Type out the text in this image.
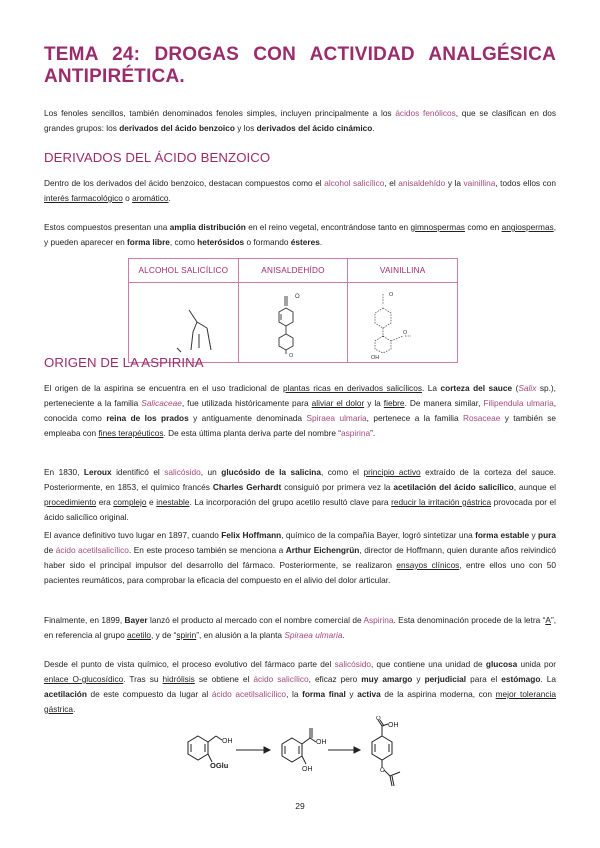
TEMA 24: DROGAS CON ACTIVIDAD ANALGÉSICA
ANTIPIRÉTICA.

Los fenoles sencillos, también denominados fenoles simples, incluyen principalmente a los ácidos fenólicos, que se clasifican en dos grandes grupos: los derivados del ácido benzoico y los derivados del ácido cinámico.

DERIVADOS DEL ÁCIDO BENZOICO

Dentro de los derivados del ácido benzoico, destacan compuestos como el alcohol salicílico, el anisaldehído y la vainillina, todos ellos con interés farmacológico o aromático.

Estos compuestos presentan una amplia distribución en el reino vegetal, encontrándose tanto en gimnospermas como en angiospermas, y pueden aparecer en forma libre, como heterósidos o formando ésteres.

ALCOHOL SALICÍLICO	ANISALDEHÍDO	VAINILLINA

O
O	O
OH
O
ORIGEN DE LA ASPIRINA

El origen de la aspirina se encuentra en el uso tradicional de plantas ricas en derivados salicílicos. La corteza del sauce (Salix sp.), perteneciente a la familia Salicaceae, fue utilizada históricamente para aliviar el dolor y la fiebre. De manera similar, Filipendula ulmaria, conocida como reina de los prados y antiguamente denominada Spiraea ulmaria, pertenece a la familia Rosaceae y también se empleaba con fines terapéuticos. De esta última planta deriva parte del nombre “aspirina”.

En 1830, Leroux identificó el salicósido, un glucósido de la salicina, como el principio activo extraído de la corteza del sauce. Posteriormente, en 1853, el químico francés Charles Gerhardt consiguió por primera vez la acetilación del ácido salicílico, aunque el procedimiento era complejo e inestable. La incorporación del grupo acetilo resultó clave para reducir la irritación gástrica provocada por el ácido salicílico original.

El avance definitivo tuvo lugar en 1897, cuando Felix Hoffmann, químico de la compañía Bayer, logró sintetizar una forma estable y pura de ácido acetilsalicílico. En este proceso también se menciona a Arthur Eichengrün, director de Hoffmann, quien durante años reivindicó haber sido el principal impulsor del desarrollo del fármaco. Posteriormente, se realizaron ensayos clínicos, entre ellos uno con 50 pacientes reumáticos, para comprobar la eficacia del compuesto en el alivio del dolor articular.

Finalmente, en 1899, Bayer lanzó el producto al mercado con el nombre comercial de Aspirina. Esta denominación procede de la letra “A”, en referencia al grupo acetilo, y de “spirin”, en alusión a la planta Spiraea ulmaria.

Desde el punto de vista químico, el proceso evolutivo del fármaco parte del salicósido, que contiene una unidad de glucosa unida por enlace O-glucosídico. Tras su hidrólisis se obtiene el ácido salicílico, eficaz pero muy amargo y perjudicial para el estómago. La acetilación de este compuesto da lugar al ácido acetilsalicílico, la forma final y activa de la aspirina moderna, con mejor tolerancia gástrica.

OH
OGlu
OH
OH
OH
O
O
29
